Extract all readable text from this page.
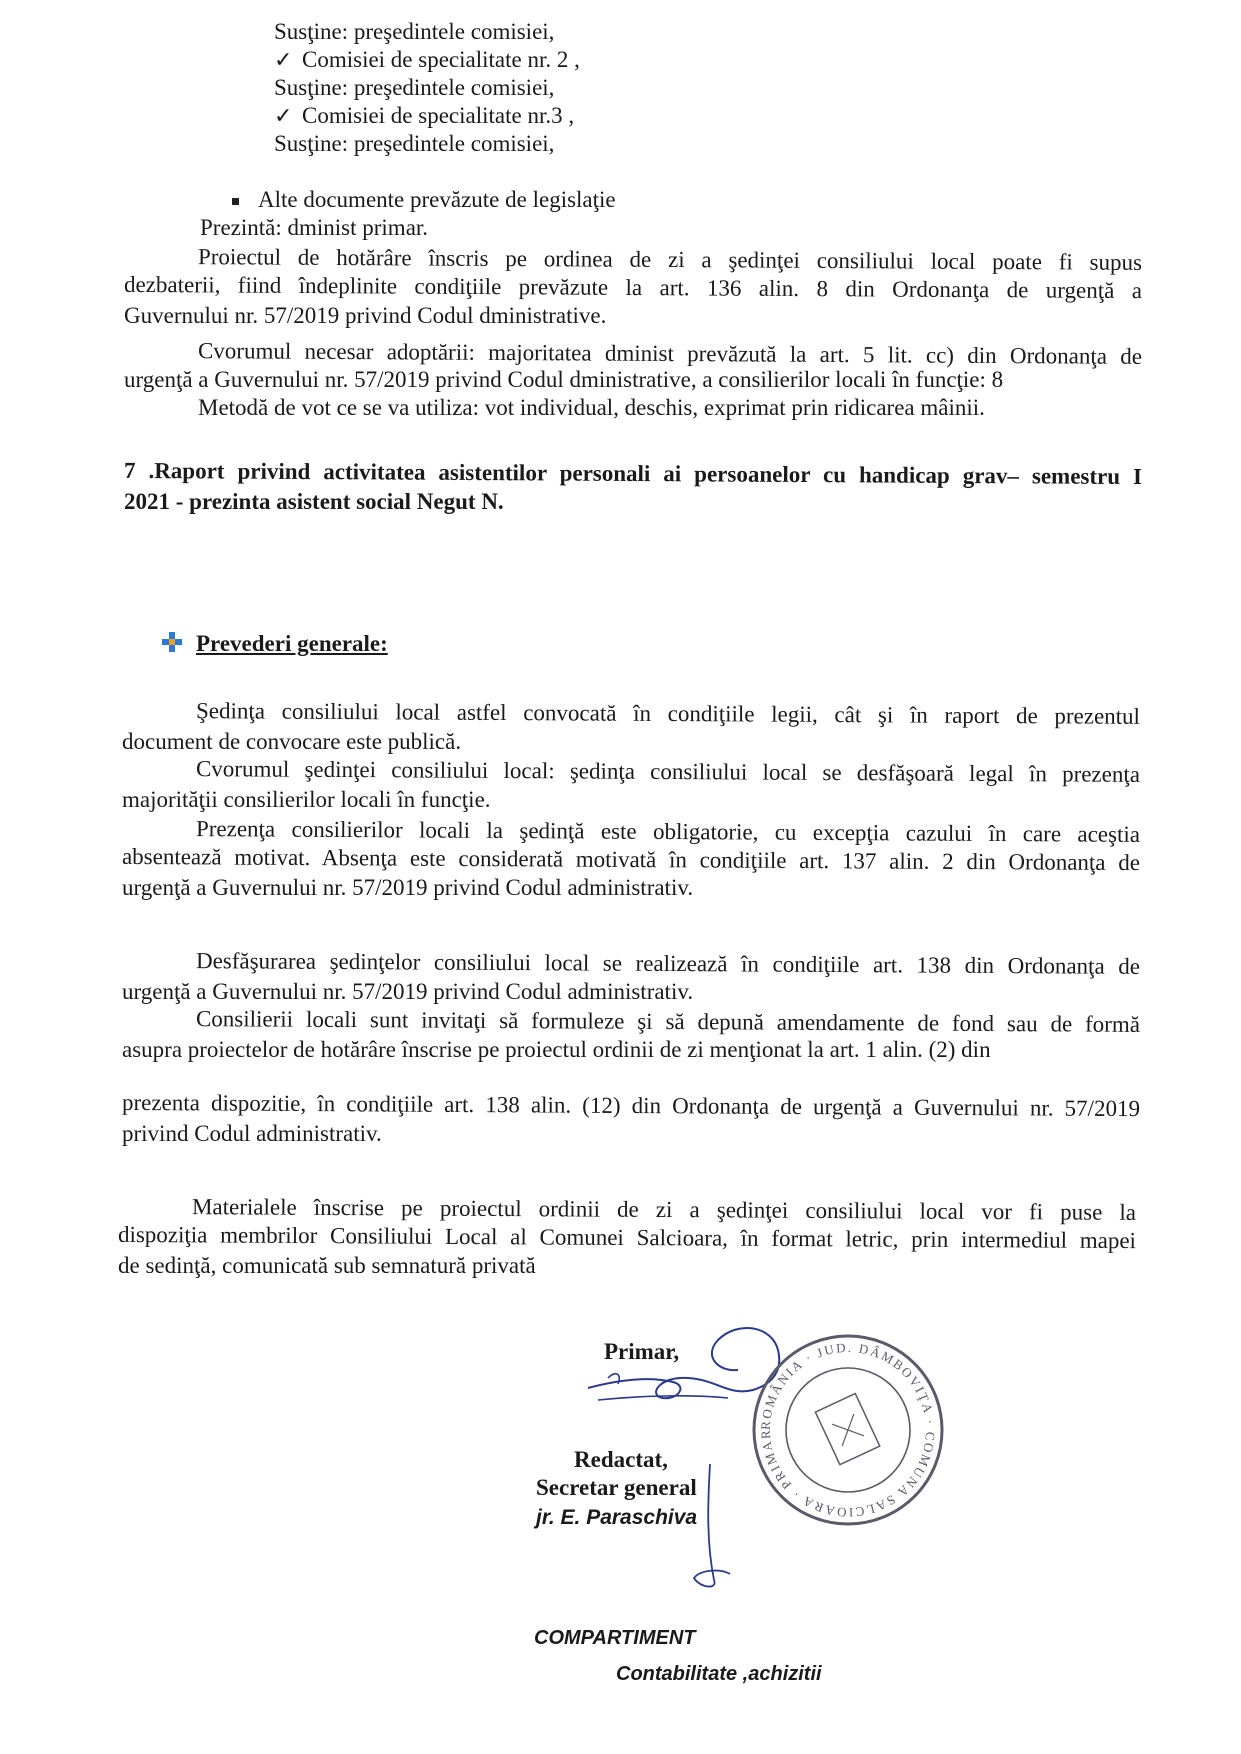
Susţine: preşedintele comisiei,
✓ Comisiei de specialitate nr. 2 ,
Susţine: preşedintele comisiei,
✓ Comisiei de specialitate nr.3 ,
Susţine: preşedintele comisiei,
Alte documente prevăzute de legislaţie
Prezintă: dminist primar.
Proiectul de hotărâre înscris pe ordinea de zi a şedinţei consiliului local poate fi supus
dezbaterii, fiind îndeplinite condiţiile prevăzute la art. 136 alin. 8 din Ordonanţa de urgenţă a
Guvernului nr. 57/2019 privind Codul dministrative.
Cvorumul necesar adoptării: majoritatea dminist prevăzută la art. 5 lit. cc) din Ordonanţa de
urgenţă a Guvernului nr. 57/2019 privind Codul dministrative, a consilierilor locali în funcţie: 8
Metodă de vot ce se va utiliza: vot individual, deschis, exprimat prin ridicarea mâinii.
7 .Raport privind activitatea asistentilor personali ai persoanelor cu handicap grav– semestru I
2021 - prezinta asistent social Negut N.
Prevederi generale:
Şedinţa consiliului local astfel convocată în condiţiile legii, cât şi în raport de prezentul
document de convocare este publică.
Cvorumul şedinţei consiliului local: şedinţa consiliului local se desfăşoară legal în prezenţa
majorităţii consilierilor locali în funcţie.
Prezenţa consilierilor locali la şedinţă este obligatorie, cu excepţia cazului în care aceştia
absentează motivat. Absenţa este considerată motivată în condiţiile art. 137 alin. 2 din Ordonanţa de
urgenţă a Guvernului nr. 57/2019 privind Codul administrativ.
Desfăşurarea şedinţelor consiliului local se realizează în condiţiile art. 138 din Ordonanţa de
urgenţă a Guvernului nr. 57/2019 privind Codul administrativ.
Consilierii locali sunt invitaţi să formuleze şi să depună amendamente de fond sau de formă
asupra proiectelor de hotărâre înscrise pe proiectul ordinii de zi menţionat la art. 1 alin. (2) din
prezenta dispozitie, în condiţiile art. 138 alin. (12) din Ordonanţa de urgenţă a Guvernului nr. 57/2019
privind Codul administrativ.
Materialele înscrise pe proiectul ordinii de zi a şedinţei consiliului local vor fi puse la
dispoziţia membrilor Consiliului Local al Comunei Salcioara, în format letric, prin intermediul mapei
de sedinţă, comunicată sub semnatură privată
Primar,
ROMÂNIA · JUD. DÂMBOVIŢA · COMUNA SALCIOARA · PRIMAR
Redactat,
Secretar general
jr. E. Paraschiva
COMPARTIMENT
Contabilitate ,achizitii
